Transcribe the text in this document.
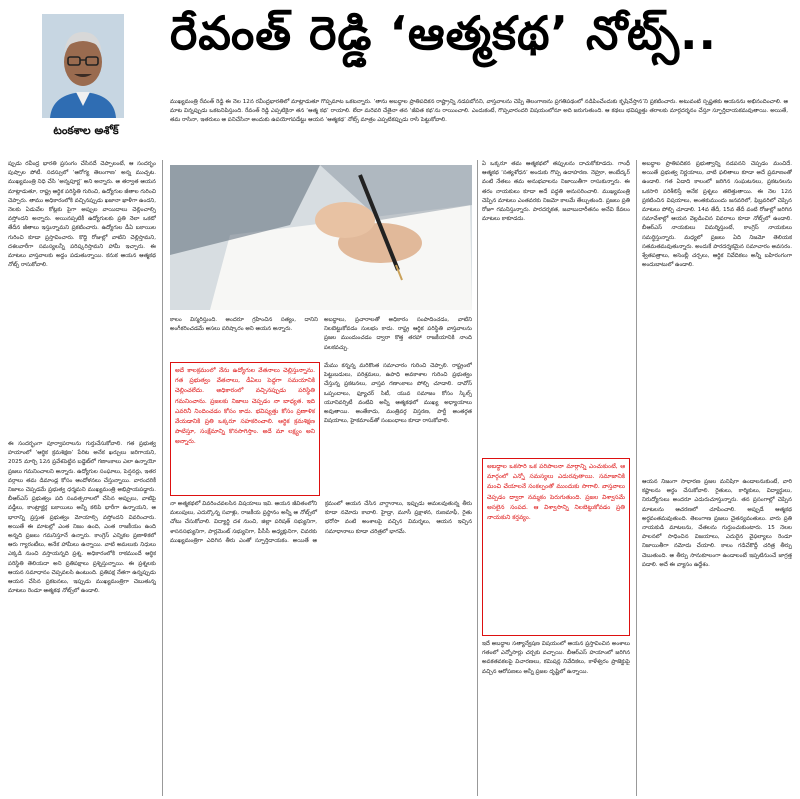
టంకశాల అశోక్
రేవంత్ రెడ్డి ‘ఆత్మకథ’ నోట్స్..
ముఖ్యమంత్రి రేవంత్ రెడ్డి ఈ నెల 12న రవీంద్రభారతిలో మాట్లాడుతూ గొప్పమాట ఒకటన్నారు. ‘తాను అబద్ధాల ప్రాతిపదికన రాష్ట్రాన్ని నడపబోనని, వాస్తవాలను చెప్పి తెలంగాణను ప్రగతిపథంలో నడిపించేందుకు కృషిచేస్తాన’ని ప్రకటించారు. అటువంటి స్పష్టతకు ఆయనను అభినందించాలి. ఆ మాట విన్నప్పుడు ఒకటనిపిస్తుంది. రేవంత్ రెడ్డి ఎప్పటికైనా తన ‘ఆత్మ కథ’ రాయాలి. లేదా మరెవరి చేతైనా తన ‘జీవిత కథ’ను రాయించాలి. ఎందుకంటే, గొప్పవారందరి విషయంలోనూ అది జరుగుతుంది. ఆ కథలు భవిష్యత్తు తరాలకు మార్గదర్శనం చేస్తూ స్ఫూర్తిదాయకమవుతాయి. అయితే, తమ రాసినా, ఇతరులు ఆ పనిచేసినా అందుకు ఉపయోగపడేట్టు ఆయన ‘ఆత్మకథ’ నోట్స్ మాత్రం ఎప్పటికప్పుడు రాసి పెట్టుకోవాలి.
ప్పుడు రవీంద్ర భారతి ప్రసంగం చేసినదే చెప్పాలంటే, ఆ సందర్భం పుష్పాల పోటీ. సదస్సులో ‘ఆరోగ్య తెలంగాణ’ అన్న ముచ్చట. ముఖ్యమంత్రి నిధి చేసి ‘అన్నపూర్ణ’ అని అన్నారు. ఆ తర్వాత ఆయన మాట్లాడుతూ, రాష్ట్ర ఆర్థిక పరిస్థితి గురించి, ఉద్యోగుల జీతాల గురించి చెప్పారు. తాము అధికారంలోకి వచ్చినప్పుడు ఖజానా ఖాళీగా ఉందని, నెలకు ఏడువేల కోట్లకు పైగా అప్పుల వాయిదాలు చెల్లించాల్సి వస్తోందని అన్నారు. అయినప్పటికీ ఉద్యోగులకు ప్రతి నెలా ఒకటో తేదీన జీతాలు ఇస్తున్నామని ప్రకటించారు. ఉద్యోగుల డీఏ బకాయిల గురించి కూడా ప్రస్తావించారు. కొద్ది రోజుల్లో వాటిని చెల్లిస్తామని, దశలవారీగా సమస్యలన్నీ పరిష్కరిస్తామని హామీ ఇచ్చారు. ఈ మాటలు వాస్తవాలకు అద్దం పడుతున్నాయి. కనుక ఆయన ఆత్మకథ నోట్స్ రాసుకోవాలి.
ఈ సందర్భంగా పూర్వాపరాలను గుర్తుచేసుకోవాలి. గత ప్రభుత్వ హయాంలో ‘ఆర్థిక క్రమశిక్షణ’ పేరిట అనేక ఖర్చులు జరిగాయని, 2025 మార్చి 12న ప్రవేశపెట్టిన బడ్జెట్‌లో గణాంకాలు ఎలా ఉన్నాయో ప్రజలు గమనించాలని అన్నారు. ఉద్యోగుల సంఘాలు, పెన్షనర్లు, ఇతర వర్గాలు తమ డిమాండ్ల కోసం ఆందోళనలు చేస్తున్నాయి. వారందరికీ నిజాలు చెప్పడమే ప్రభుత్వ ధర్మమని ముఖ్యమంత్రి అభిప్రాయపడ్డారు. బీఆర్ఎస్ ప్రభుత్వం పది సంవత్సరాలలో చేసిన అప్పులు, వాటిపై వడ్డీలు, కాంట్రాక్టర్ల బకాయిలు అన్నీ కలిపి భారీగా ఉన్నాయని, ఆ భారాన్ని ప్రస్తుత ప్రభుత్వం మోయాల్సి వస్తోందని వివరించారు. అయితే ఈ మాటల్లో ఎంత నిజం ఉంది, ఎంత రాజకీయం ఉంది అన్నది ప్రజలు గమనిస్తూనే ఉన్నారు. కాంగ్రెస్ ఎన్నికల ప్రణాళికలో ఆరు గ్యారంటీలు, అనేక హామీలు ఉన్నాయి. వాటి అమలుకు నిధులు ఎక్కడి నుంచి వస్తాయన్నది ప్రశ్న. అధికారంలోకి రాకముందే ఆర్థిక పరిస్థితి తెలియదా అని ప్రతిపక్షాలు ప్రశ్నిస్తున్నాయి. ఈ ప్రశ్నలకు ఆయన సమాధానం చెప్పవలసి ఉంటుంది. ప్రతిపక్ష నేతగా ఉన్నప్పుడు ఆయన చేసిన ప్రకటనలు, ఇప్పుడు ముఖ్యమంత్రిగా చెబుతున్న మాటలు రెండూ ఆత్మకథ నోట్స్‌లో ఉండాలి.
కాలం విస్మరిస్తుంది. అందరూ గ్రహించిన సత్యం, దానిని అంగీకరించడమే అసలు పరిష్కారం అని ఆయన అన్నారు.
అబద్ధాలు, ప్రచారాలతో అధికారం సంపాదించడం, వాటిని నిలబెట్టుకోవడం సులభం కాదు. రాష్ట్ర ఆర్థిక పరిస్థితి వాస్తవాలను ప్రజల ముందుంచడం ద్వారా కొత్త తరహా రాజకీయానికి నాంది పలకవచ్చు.
అదే కాలక్రమంలో నేను ఉద్యోగుల వేతనాలు చెల్లిస్తున్నాను. గత ప్రభుత్వం వేతనాలు, డీఏలు పెద్దగా సమయానికి చెల్లించలేదు. అధికారంలో వచ్చినప్పుడు పరిస్థితి గమనించాను. ప్రజలకు నిజాలు చెప్పడం నా బాధ్యత. ఇది ఎవరినీ నిందించడం కోసం కాదు. భవిష్యత్తు కోసం ప్రణాళిక వేయడానికి ప్రతి ఒక్కరూ సహకరించాలి. ఆర్థిక క్రమశిక్షణ పాటిస్తూ, సంక్షేమాన్ని కొనసాగిస్తాం. అదే మా లక్ష్యం అని అన్నారు.
నా అత్మకథలో వివరించవలసిన విషయాలు ఇవి. ఆయన జీవితంలోని మలుపులు, ఎదుర్కొన్న సవాళ్లు, రాజకీయ ప్రస్థానం అన్నీ ఆ నోట్స్‌లో చోటు చేసుకోవాలి. విద్యార్థి దశ నుంచి, జిల్లా పరిషత్ సభ్యునిగా, శాసనసభ్యునిగా, పార్లమెంట్ సభ్యునిగా, పీసీసీ అధ్యక్షునిగా, చివరకు ముఖ్యమంత్రిగా ఎదిగిన తీరు ఎంతో స్ఫూర్తిదాయకం. అయితే ఆ క్రమంలో ఆయన చేసిన వాగ్దానాలు, ఇప్పుడు అమలవుతున్న తీరు కూడా నమోదు కావాలి. హైడ్రా, మూసీ ప్రక్షాళన, రుణమాఫీ, రైతు భరోసా వంటి అంశాలపై వచ్చిన విమర్శలు, ఆయన ఇచ్చిన సమాధానాలు కూడా చరిత్రలో భాగమే.
మేము కన్నన్న మరికొంత సమాచారం గురించి చెప్పాలి. రాష్ట్రంలో పెట్టుబడులు, పరిశ్రమలు, ఉపాధి అవకాశాల గురించి ప్రభుత్వం చేస్తున్న ప్రకటనలు, వాస్తవ గణాంకాలు పోల్చి చూడాలి. దావోస్ ఒప్పందాలు, ఫ్యూచర్ సిటీ, యువ సమాజం కోసం స్కిల్స్ యూనివర్సిటీ వంటివి అన్నీ ఆత్మకథలో ముఖ్య అధ్యాయాలు అవుతాయి. అంతేకాదు, మంత్రివర్గ విస్తరణ, పార్టీ అంతర్గత విషయాలు, హైకమాండ్‌తో సంబంధాలు కూడా రాసుకోవాలి.
ఏ ఒక్కరూ తమ ఆత్మకథలో తప్పులను దాచుకోకూడదు. గాంధీ ఆత్మకథ ‘సత్యశోధన’ అందుకు గొప్ప ఉదాహరణ. నెహ్రూ, అంబేద్కర్ వంటి నేతలు తమ అనుభవాలను నిజాయితీగా రాసుకున్నారు. ఈ తరం నాయకులు కూడా అదే పద్ధతి అనుసరించాలి. ముఖ్యమంత్రి చెప్పిన మాటలు ఎంతవరకు నిజమో కాలమే తేల్చుతుంది. ప్రజలు ప్రతి రోజూ గమనిస్తున్నారు. పారదర్శకత, జవాబుదారీతనం అనేవి కేవలం మాటలు కాకూడదు.
అబద్ధాల ఒకసారి ఒక పరిపాలనా మార్గాన్ని ఎంచుకుంటే, ఆ మార్గంలో ఎన్నో సమస్యలు ఎదురవుతాయి. సమాజానికి మంచి చేయాలనే సంకల్పంతో ముందుకు సాగాలి. వాస్తవాలు చెప్పడం ద్వారా నమ్మకం పెరుగుతుంది. ప్రజల విశ్వాసమే అసలైన సంపద. ఆ విశ్వాసాన్ని నిలబెట్టుకోవడం ప్రతి నాయకుని కర్తవ్యం.
ఇదే అబద్ధాల సత్యాన్వేషణ విషయంలో ఆయన ప్రస్తావించిన అంశాలు గతంలో ఎన్నోసార్లు చర్చకు వచ్చాయి. బీఆర్ఎస్ హయాంలో జరిగిన అవకతవకలపై విచారణలు, కమిషన్ల నివేదికలు, కాళేశ్వరం ప్రాజెక్టుపై వచ్చిన ఆరోపణలు అన్నీ ప్రజల దృష్టిలో ఉన్నాయి.
అబద్ధాల ప్రాతిపదికన ప్రభుత్వాన్ని నడపనని చెప్పడం మంచిదే. అయితే ప్రభుత్వ నిర్ణయాలు, వాటి ఫలితాలు కూడా అదే ప్రమాణంతో ఉండాలి. గత ఏడాది కాలంలో జరిగిన సంఘటనలు, ప్రకటనలను ఒకసారి పరిశీలిస్తే అనేక ప్రశ్నలు తలెత్తుతాయి. ఈ నెల 12న ప్రకటించిన విషయాలు, అంతకుముందు జనవరిలో, ఫిబ్రవరిలో చెప్పిన మాటలు పోల్చి చూడాలి. 14వ తేదీ, 15వ తేదీ వంటి రోజుల్లో జరిగిన సమావేశాల్లో ఆయన వెల్లడించిన వివరాలు కూడా నోట్స్‌లో ఉండాలి. బీఆర్ఎస్ నాయకులు విమర్శిస్తుంటే, కాంగ్రెస్ నాయకులు సమర్థిస్తున్నారు. మధ్యలో ప్రజలు ఏది నిజమో తెలియక సతమతమవుతున్నారు. అందుకే పారదర్శకమైన సమాచారం అవసరం. శ్వేతపత్రాలు, అసెంబ్లీ చర్చలు, ఆర్థిక నివేదికలు అన్నీ బహిరంగంగా అందుబాటులో ఉండాలి.
ఆయన నిజంగా సాధారణ ప్రజల మనిషిగా ఉండాలనుకుంటే, వారి కష్టాలను అర్థం చేసుకోవాలి. రైతులు, కార్మికులు, విద్యార్థులు, నిరుద్యోగులు అందరూ ఎదురుచూస్తున్నారు. తన ప్రసంగాల్లో చెప్పిన మాటలను ఆచరణలో చూపించాలి. అప్పుడే ఆత్మకథ అర్థవంతమవుతుంది. తెలంగాణ ప్రజలు చైతన్యవంతులు. వారు ప్రతి నాయకుడి మాటలను, చేతలను గుర్తుంచుకుంటారు. 15 నెలల పాలనలో సాధించిన విజయాలు, ఎదురైన వైఫల్యాలు రెండూ నిజాయితీగా నమోదు చేయాలి. కాలం గడిచేకొద్దీ చరిత్ర తీర్పు చెబుతుంది. ఆ తీర్పు సానుకూలంగా ఉండాలంటే ఇప్పటినుంచే జాగ్రత్త పడాలి. అదే ఈ వ్యాసం ఉద్దేశం.
